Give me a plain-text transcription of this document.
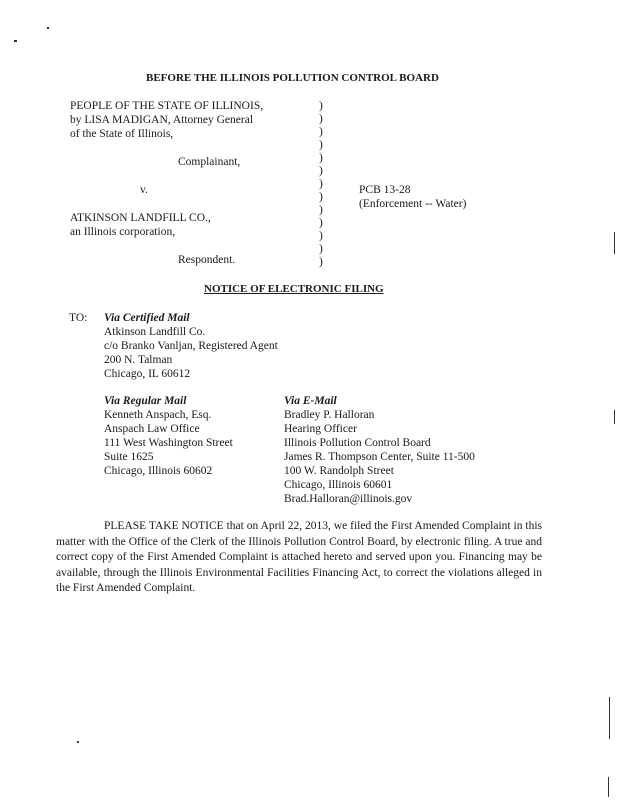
BEFORE THE ILLINOIS POLLUTION CONTROL BOARD
PEOPLE OF THE STATE OF ILLINOIS,
by LISA MADIGAN, Attorney General
of the State of Illinois,
Complainant,
v.
ATKINSON LANDFILL CO.,
an Illinois corporation,
Respondent.
)
)
)
)
)
)
)
)
)
)
)
)
)
PCB 13-28
(Enforcement -- Water)
NOTICE OF ELECTRONIC FILING
TO: Via Certified Mail
Atkinson Landfill Co.
c/o Branko Vanljan, Registered Agent
200 N. Talman
Chicago, IL 60612
Via Regular Mail
Kenneth Anspach, Esq.
Anspach Law Office
111 West Washington Street
Suite 1625
Chicago, Illinois 60602
Via E-Mail
Bradley P. Halloran
Hearing Officer
Illinois Pollution Control Board
James R. Thompson Center, Suite 11-500
100 W. Randolph Street
Chicago, Illinois 60601
Brad.Halloran@illinois.gov
PLEASE TAKE NOTICE that on April 22, 2013, we filed the First Amended Complaint in this matter with the Office of the Clerk of the Illinois Pollution Control Board, by electronic filing. A true and correct copy of the First Amended Complaint is attached hereto and served upon you. Financing may be available, through the Illinois Environmental Facilities Financing Act, to correct the violations alleged in the First Amended Complaint.
